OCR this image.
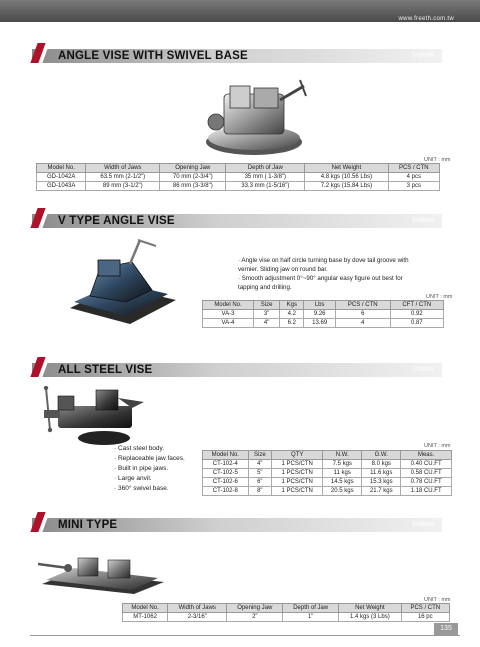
www.freeth.com.tw
ANGLE VISE WITH SWIVEL BASE	TAIWAN
UNIT : mm
Model No.	Width of Jaws	Opening Jaw	Depth of Jaw	Net Weight	PCS / CTN
GD-1042A	63.5 mm (2-1/2")	70 mm (2-3/4")	35 mm ( 1-3/8")	4.8 kgs (10.56 Lbs)	4 pcs
GD-1043A	89 mm (3-1/2")	86 mm (3-3/8")	33.3 mm (1-5/16")	7.2 kgs (15.84 Lbs)	3 pcs
V TYPE ANGLE VISE	TAIWAN
· Angle vise on half circle turning base by dove tail groove with
vernier. Sliding jaw on round bar.
· Smooth adjustment 0°~90° angular easy figure out best for
tapping and drilling.
UNIT : mm
Model No.	Size	Kgs	Lbs	PCS / CTN	CFT / CTN
VA-3	3"	4.2	9.26	6	0.92
VA-4	4"	6.2	13.69	4	0.87
ALL STEEL VISE	TAIWAN
· Cast steel body.
· Replaceable jaw faces.
· Built in pipe jaws.
· Large anvil.
· 360° swivel base.
UNIT : mm
Model No.	Size	QTY	N.W.	G.W.	Meas.
CT-102-4	4"	1 PCS/CTN	7.5 kgs	8.0 kgs	0.40 CU.FT
CT-102-5	5"	1 PCS/CTN	11 kgs	11.6 kgs	0.58 CU.FT
CT-102-6	6"	1 PCS/CTN	14.5 kgs	15.3 kgs	0.78 CU.FT
CT-102-8	8"	1 PCS/CTN	20.5 kgs	21.7 kgs	1.18 CU.FT
MINI TYPE	TAIWAN
UNIT : mm
Model No.	Width of Jaws	Opening Jaw	Depth of Jaw	Net Weight	PCS / CTN
MT-1062	2-3/16"	2"	1"	1.4 kgs (3 Lbs)	16 pc
135
